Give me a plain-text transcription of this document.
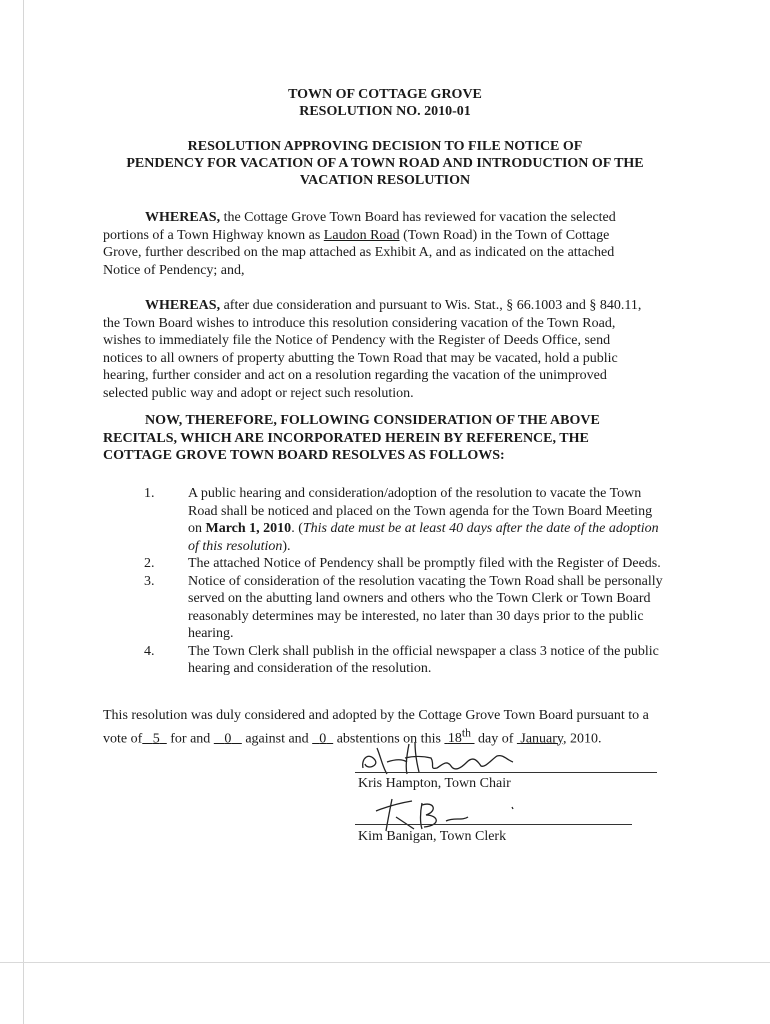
TOWN OF COTTAGE GROVE
RESOLUTION NO. 2010-01
RESOLUTION APPROVING DECISION TO FILE NOTICE OF
PENDENCY FOR VACATION OF A TOWN ROAD AND INTRODUCTION OF THE
VACATION RESOLUTION
WHEREAS, the Cottage Grove Town Board has reviewed for vacation the selected portions of a Town Highway known as Laudon Road (Town Road) in the Town of Cottage Grove, further described on the map attached as Exhibit A, and as indicated on the attached Notice of Pendency; and,
WHEREAS, after due consideration and pursuant to Wis. Stat., § 66.1003 and § 840.11, the Town Board wishes to introduce this resolution considering vacation of the Town Road, wishes to immediately file the Notice of Pendency with the Register of Deeds Office, send notices to all owners of property abutting the Town Road that may be vacated, hold a public hearing, further consider and act on a resolution regarding the vacation of the unimproved selected public way and adopt or reject such resolution.
NOW, THEREFORE, FOLLOWING CONSIDERATION OF THE ABOVE RECITALS, WHICH ARE INCORPORATED HEREIN BY REFERENCE, THE COTTAGE GROVE TOWN BOARD RESOLVES AS FOLLOWS:

1. A public hearing and consideration/adoption of the resolution to vacate the Town Road shall be noticed and placed on the Town agenda for the Town Board Meeting on March 1, 2010. (This date must be at least 40 days after the date of the adoption of this resolution).

2. The attached Notice of Pendency shall be promptly filed with the Register of Deeds.

3. Notice of consideration of the resolution vacating the Town Road shall be personally served on the abutting land owners and others who the Town Clerk or Town Board reasonably determines may be interested, no later than 30 days prior to the public hearing.

4. The Town Clerk shall publish in the official newspaper a class 3 notice of the public hearing and consideration of the resolution.

This resolution was duly considered and adopted by the Cottage Grove Town Board pursuant to a vote of 5 for and 0 against and 0 abstentions on this 18th day of January, 2010.
Kris Hampton, Town Chair
Kim Banigan, Town Clerk
